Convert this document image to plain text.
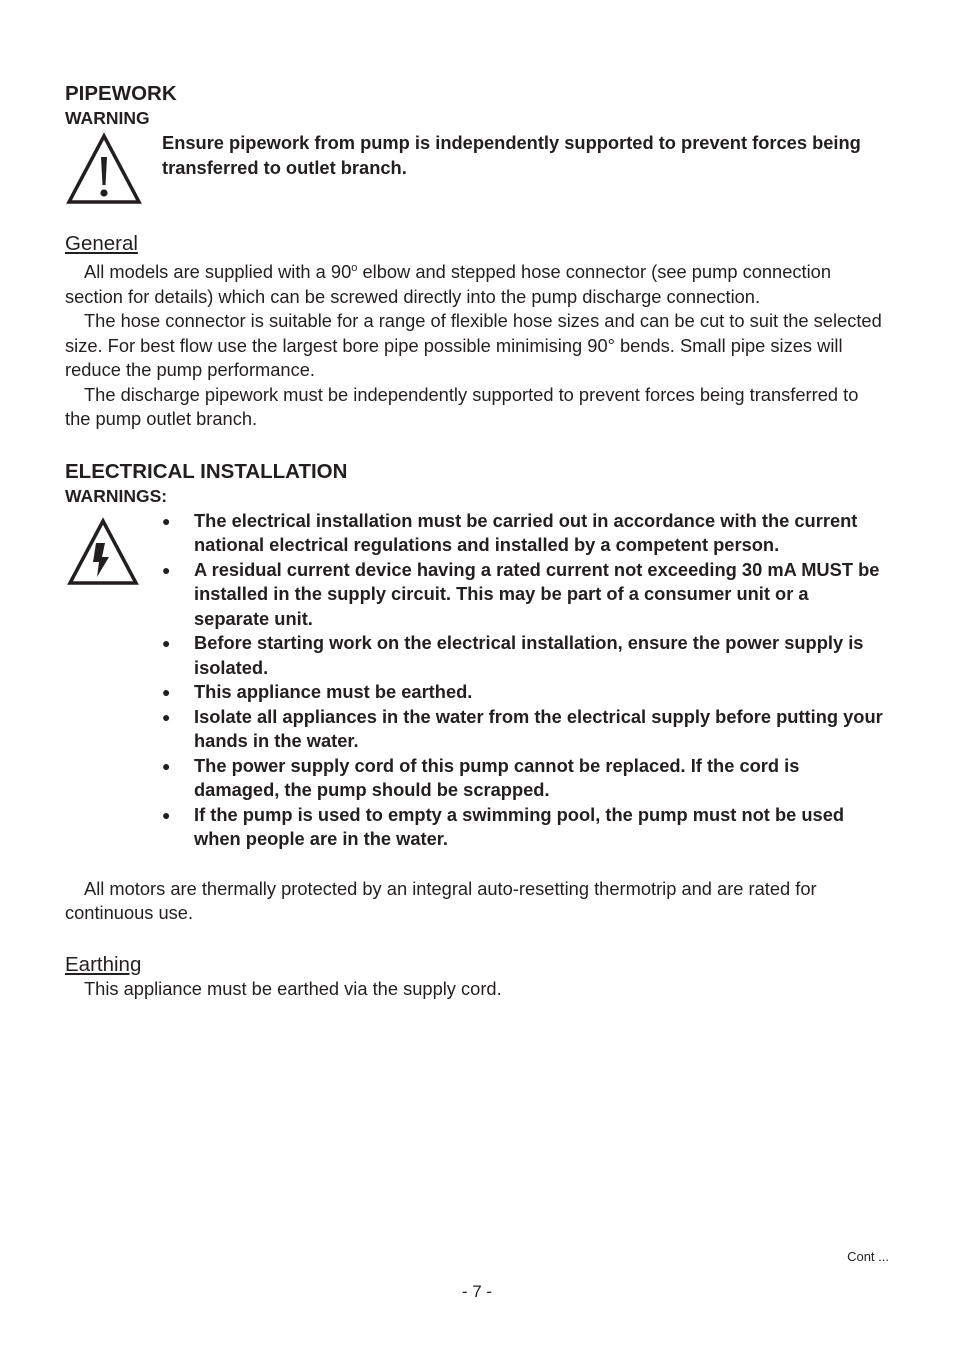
PIPEWORK
WARNING
Ensure pipework from pump is independently supported to prevent forces being transferred to outlet branch.
General

All models are supplied with a 90$^o$ elbow and stepped hose connector (see pump connection section for details) which can be screwed directly into the pump discharge connection.

The hose connector is suitable for a range of flexible hose sizes and can be cut to suit the selected size. For best flow use the largest bore pipe possible minimising 90° bends. Small pipe sizes will reduce the pump performance.

The discharge pipework must be independently supported to prevent forces being transferred to the pump outlet branch.

ELECTRICAL INSTALLATION
WARNINGS:
● The electrical installation must be carried out in accordance with the current national electrical regulations and installed by a competent person.
● A residual current device having a rated current not exceeding 30 mA MUST be installed in the supply circuit. This may be part of a consumer unit or a separate unit.
● Before starting work on the electrical installation, ensure the power supply is isolated.
● This appliance must be earthed.
● Isolate all appliances in the water from the electrical supply before putting your hands in the water.
● The power supply cord of this pump cannot be replaced. If the cord is damaged, the pump should be scrapped.
● If the pump is used to empty a swimming pool, the pump must not be used when people are in the water.

All motors are thermally protected by an integral auto-resetting thermotrip and are rated for continuous use.

Earthing

This appliance must be earthed via the supply cord.

Cont ...
- 7 -
